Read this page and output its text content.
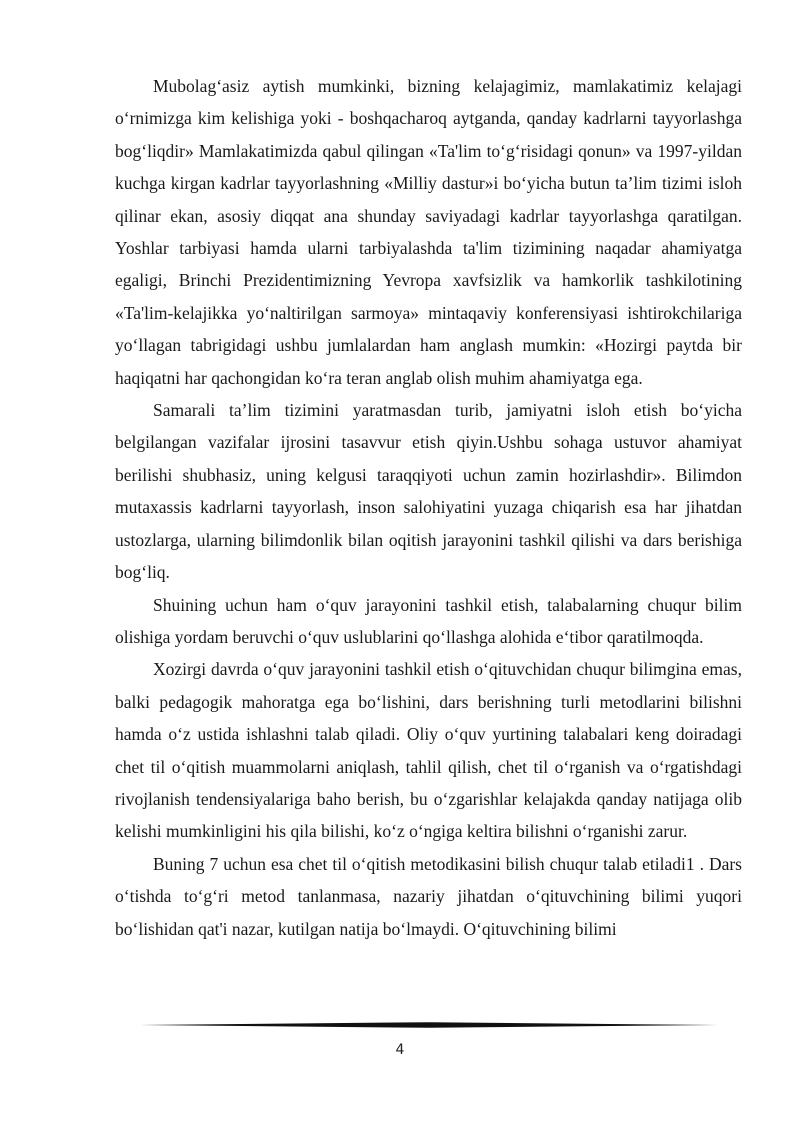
Mubolag‘asiz aytish mumkinki, bizning kelajagimiz, mamlakatimiz kelajagi o‘rnimizga kim kelishiga yoki - boshqacharoq aytganda, qanday kadrlarni tayyorlashga bog‘liqdir» Mamlakatimizda qabul qilingan «Ta'lim to‘g‘risidagi qonun» va 1997-yildan kuchga kirgan kadrlar tayyorlashning «Milliy dastur»i bo‘yicha butun ta’lim tizimi isloh qilinar ekan, asosiy diqqat ana shunday saviyadagi kadrlar tayyorlashga qaratilgan. Yoshlar tarbiyasi hamda ularni tarbiyalashda ta'lim tizimining naqadar ahamiyatga egaligi, Brinchi Prezidentimizning Yevropa xavfsizlik va hamkorlik tashkilotining «Ta'lim-kelajikka yo‘naltirilgan sarmoya» mintaqaviy konferensiyasi ishtirokchilariga yo‘llagan tabrigidagi ushbu jumlalardan ham anglash mumkin: «Hozirgi paytda bir haqiqatni har qachongidan ko‘ra teran anglab olish muhim ahamiyatga ega.

Samarali ta’lim tizimini yaratmasdan turib, jamiyatni isloh etish bo‘yicha belgilangan vazifalar ijrosini tasavvur etish qiyin.Ushbu sohaga ustuvor ahamiyat berilishi shubhasiz, uning kelgusi taraqqiyoti uchun zamin hozirlashdir». Bilimdon mutaxassis kadrlarni tayyorlash, inson salohiyatini yuzaga chiqarish esa har jihatdan ustozlarga, ularning bilimdonlik bilan oqitish jarayonini tashkil qilishi va dars berishiga bog‘liq.

Shuining uchun ham o‘quv jarayonini tashkil etish, talabalarning chuqur bilim olishiga yordam beruvchi o‘quv uslublarini qo‘llashga alohida e‘tibor qaratilmoqda.

Xozirgi davrda o‘quv jarayonini tashkil etish o‘qituvchidan chuqur bilimgina emas, balki pedagogik mahoratga ega bo‘lishini, dars berishning turli metodlarini bilishni hamda o‘z ustida ishlashni talab qiladi. Oliy o‘quv yurtining talabalari keng doiradagi chet til o‘qitish muammolarni aniqlash, tahlil qilish, chet til o‘rganish va o‘rgatishdagi rivojlanish tendensiyalariga baho berish, bu o‘zgarishlar kelajakda qanday natijaga olib kelishi mumkinligini his qila bilishi, ko‘z o‘ngiga keltira bilishni o‘rganishi zarur.

Buning 7 uchun esa chet til o‘qitish metodikasini bilish chuqur talab etiladi1 . Dars o‘tishda to‘g‘ri metod tanlanmasa, nazariy jihatdan o‘qituvchining bilimi yuqori bo‘lishidan qat'i nazar, kutilgan natija bo‘lmaydi. O‘qituvchining bilimi

4
